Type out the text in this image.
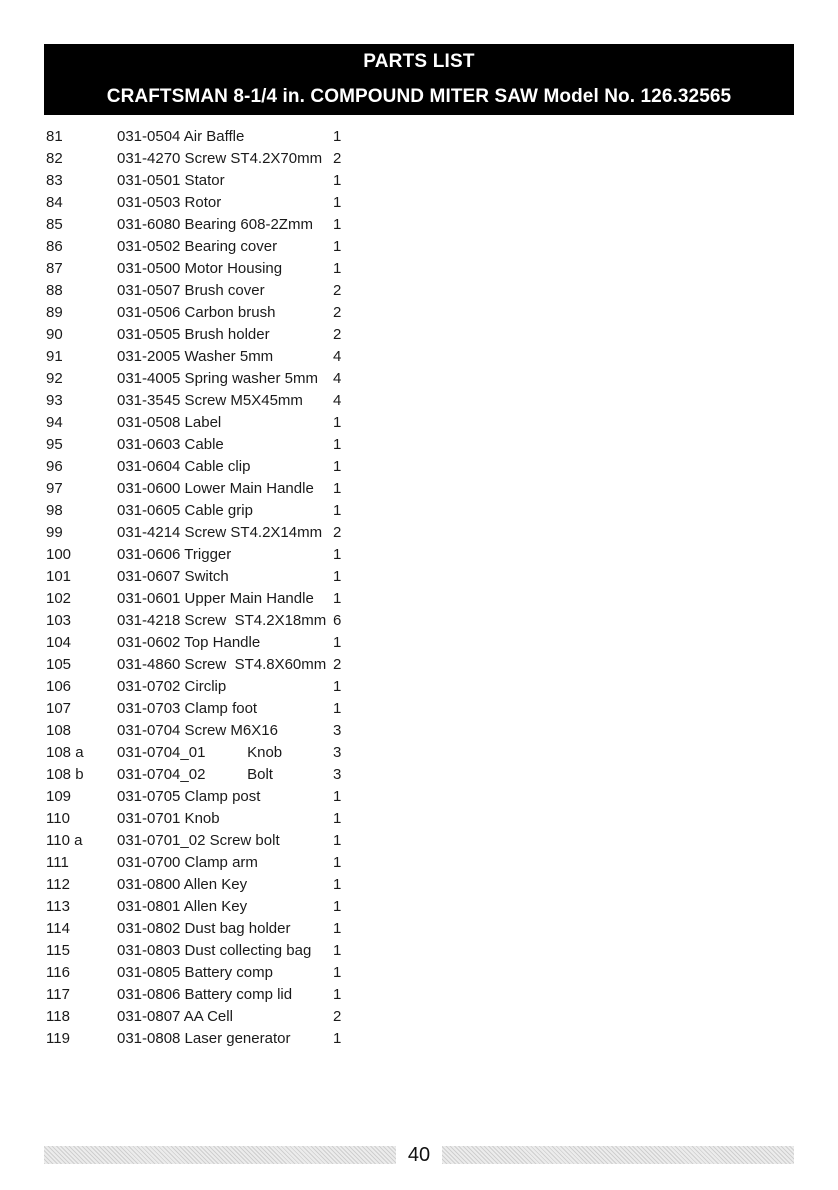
PARTS LIST
CRAFTSMAN 8-1/4 in. COMPOUND MITER SAW Model No. 126.32565
81	031-0504 Air Baffle	1
82	031-4270 Screw ST4.2X70mm 2
83	031-0501 Stator	1
84	031-0503 Rotor	1
85	031-6080 Bearing 608-2Zmm 1
86	031-0502 Bearing cover	1
87	031-0500 Motor Housing	1
88	031-0507 Brush cover	2
89	031-0506 Carbon brush	2
90	031-0505 Brush holder	2
91	031-2005 Washer 5mm	4
92	031-4005 Spring washer 5mm 4
93	031-3545 Screw M5X45mm 4
94	031-0508 Label	1
95	031-0603 Cable	1
96	031-0604 Cable clip	1
97	031-0600 Lower Main Handle 1
98	031-0605 Cable grip	1
99	031-4214 Screw ST4.2X14mm 2
100	031-0606 Trigger	1
101	031-0607 Switch	1
102	031-0601 Upper Main Handle 1
103	031-4218 Screw  ST4.2X18mm 6
104	031-0602 Top Handle	1
105	031-4860 Screw  ST4.8X60mm 2
106	031-0702 Circlip	1
107	031-0703 Clamp foot	1
108	031-0704 Screw M6X16	3
108 a 031-0704_01          Knob	3
108 b 031-0704_02          Bolt	3
109	031-0705 Clamp post	1
110	031-0701 Knob	1
110 a 031-0701_02 Screw bolt	1
111	031-0700 Clamp arm	1
112	031-0800 Allen Key	1
113	031-0801 Allen Key	1
114	031-0802 Dust bag holder	1
115	031-0803 Dust collecting bag 1
116	031-0805 Battery comp	1
117	031-0806 Battery comp lid	1
118	031-0807 AA Cell	2
119	031-0808 Laser generator	1
40
